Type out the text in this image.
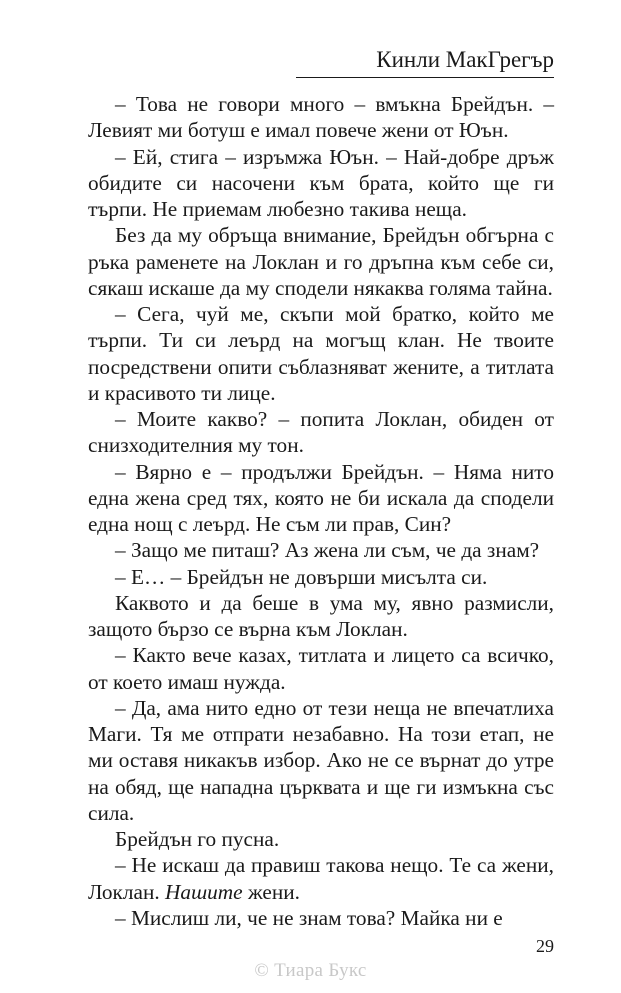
Кинли МакГрегър

– Това не говори много – вмъкна Брейдън. – Левият ми ботуш е имал повече жени от Юън.

– Ей, стига – изръмжа Юън. – Най-добре дръж обидите си насочени към брата, който ще ги търпи. Не приемам любезно такива неща.

Без да му обръща внимание, Брейдън обгърна с ръка раменете на Локлан и го дръпна към себе си, сякаш искаше да му сподели някаква голяма тайна.

– Сега, чуй ме, скъпи мой братко, който ме търпи. Ти си леърд на могъщ клан. Не твоите посредствени опити съблазняват жените, а титлата и красивото ти лице.

– Моите какво? – попита Локлан, обиден от снизходителния му тон.

– Вярно е – продължи Брейдън. – Няма нито една жена сред тях, която не би искала да сподели една нощ с леърд. Не съм ли прав, Син?

– Защо ме питаш? Аз жена ли съм, че да знам?

– Е… – Брейдън не довърши мисълта си.

Каквото и да беше в ума му, явно размисли, защото бързо се върна към Локлан.

– Както вече казах, титлата и лицето са всичко, от което имаш нужда.

– Да, ама нито едно от тези неща не впечатлиха Маги. Тя ме отпрати незабавно. На този етап, не ми оставя никакъв избор. Ако не се върнат до утре на обяд, ще нападна църквата и ще ги измъкна със сила.

Брейдън го пусна.

– Не искаш да правиш такова нещо. Те са жени, Локлан. Нашите жени.

– Мислиш ли, че не знам това? Майка ни е

29
© Тиара Букс
